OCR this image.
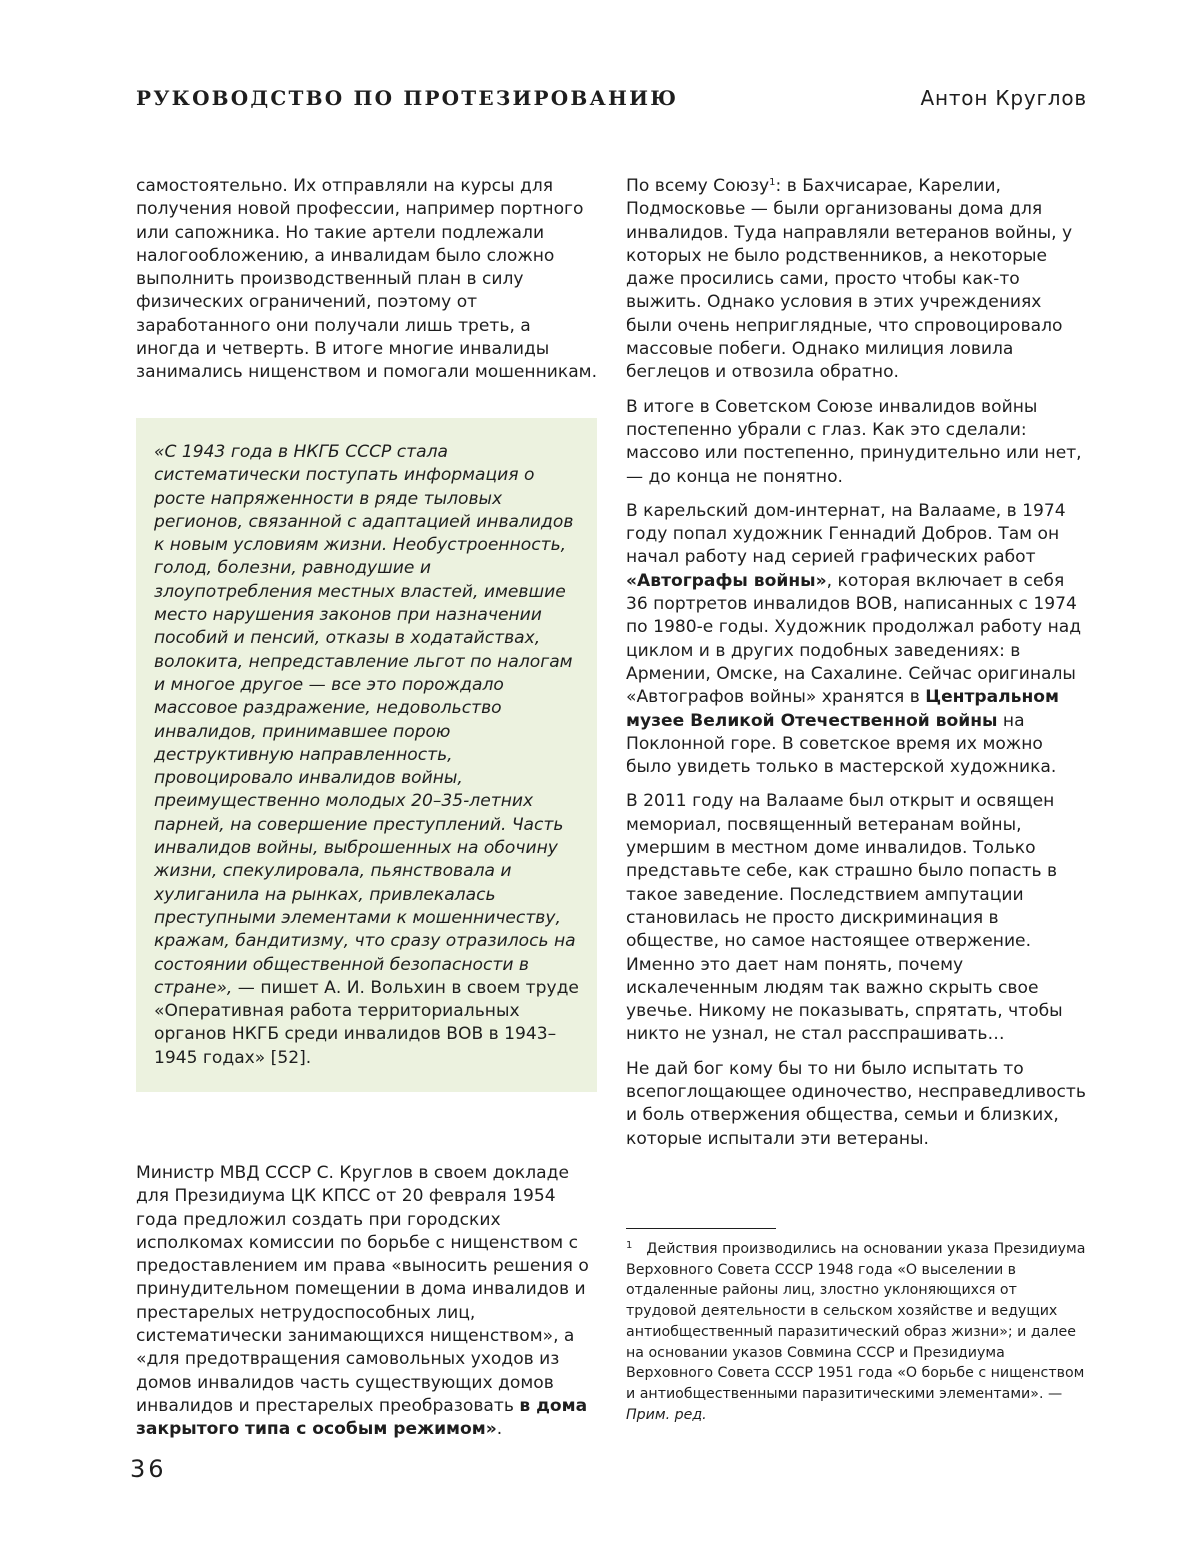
РУКОВОДСТВО ПО ПРОТЕЗИРОВАНИЮ	Антон Круглов

самостоятельно. Их отправляли на курсы для получения новой профессии, например портного или сапожника. Но такие артели подлежали налогообложению, а инвалидам было сложно выполнить производственный план в силу физических ограничений, поэтому от заработанного они получали лишь треть, а иногда и четверть. В итоге многие инвалиды занимались нищенством и помогали мошенникам.

«С 1943 года в НКГБ СССР стала систематически поступать информация о росте напряженности в ряде тыловых регионов, связанной с адаптацией инвалидов к новым условиям жизни. Необустроенность, голод, болезни, равнодушие и злоупотребления местных властей, имевшие место нарушения законов при назначении пособий и пенсий, отказы в ходатайствах, волокита, непредставление льгот по налогам и многое другое — все это порождало массовое раздражение, недовольство инвалидов, принимавшее порою деструктивную направленность, провоцировало инвалидов войны, преимущественно молодых 20–35-летних парней, на совершение преступлений. Часть инвалидов войны, выброшенных на обочину жизни, спекулировала, пьянствовала и хулиганила на рынках, привлекалась преступными элементами к мошенничеству, кражам, бандитизму, что сразу отразилось на состоянии общественной безопасности в стране», — пишет А. И. Вольхин в своем труде «Оперативная работа территориальных органов НКГБ среди инвалидов ВОВ в 1943–1945 годах» [52].

Министр МВД СССР С. Круглов в своем докладе для Президиума ЦК КПСС от 20 февраля 1954 года предложил создать при городских исполкомах комиссии по борьбе с нищенством с предоставлением им права «выносить решения о принудительном помещении в дома инвалидов и престарелых нетрудоспособных лиц, систематически занимающихся нищенством», а «для предотвращения самовольных уходов из домов инвалидов часть существующих домов инвалидов и престарелых преобразовать в дома закрытого типа с особым режимом».

По всему Союзу$^1$: в Бахчисарае, Карелии, Подмосковье — были организованы дома для инвалидов. Туда направляли ветеранов войны, у которых не было родственников, а некоторые даже просились сами, просто чтобы как-то выжить. Однако условия в этих учреждениях были очень неприглядные, что спровоцировало массовые побеги. Однако милиция ловила беглецов и отвозила обратно.

В итоге в Советском Союзе инвалидов войны постепенно убрали с глаз. Как это сделали: массово или постепенно, принудительно или нет, — до конца не понятно.

В карельский дом-интернат, на Валааме, в 1974 году попал художник Геннадий Добров. Там он начал работу над серией графических работ «Автографы войны», которая включает в себя 36 портретов инвалидов ВОВ, написанных с 1974 по 1980-е годы. Художник продолжал работу над циклом и в других подобных заведениях: в Армении, Омске, на Сахалине. Сейчас оригиналы «Автографов войны» хранятся в Центральном музее Великой Отечественной войны на Поклонной горе. В советское время их можно было увидеть только в мастерской художника.

В 2011 году на Валааме был открыт и освящен мемориал, посвященный ветеранам войны, умершим в местном доме инвалидов. Только представьте себе, как страшно было попасть в такое заведение. Последствием ампутации становилась не просто дискриминация в обществе, но самое настоящее отвержение. Именно это дает нам понять, почему искалеченным людям так важно скрыть свое увечье. Никому не показывать, спрятать, чтобы никто не узнал, не стал расспрашивать…

Не дай бог кому бы то ни было испытать то всепоглощающее одиночество, несправедливость и боль отвержения общества, семьи и близких, которые испытали эти ветераны.

$^1$ Действия производились на основании указа Президиума Верховного Совета СССР 1948 года «О выселении в отдаленные районы лиц, злостно уклоняющихся от трудовой деятельности в сельском хозяйстве и ведущих антиобщественный паразитический образ жизни»; и далее на основании указов Совмина СССР и Президиума Верховного Совета СССР 1951 года «О борьбе с нищенством и антиобщественными паразитическими элементами». — Прим. ред.

36
